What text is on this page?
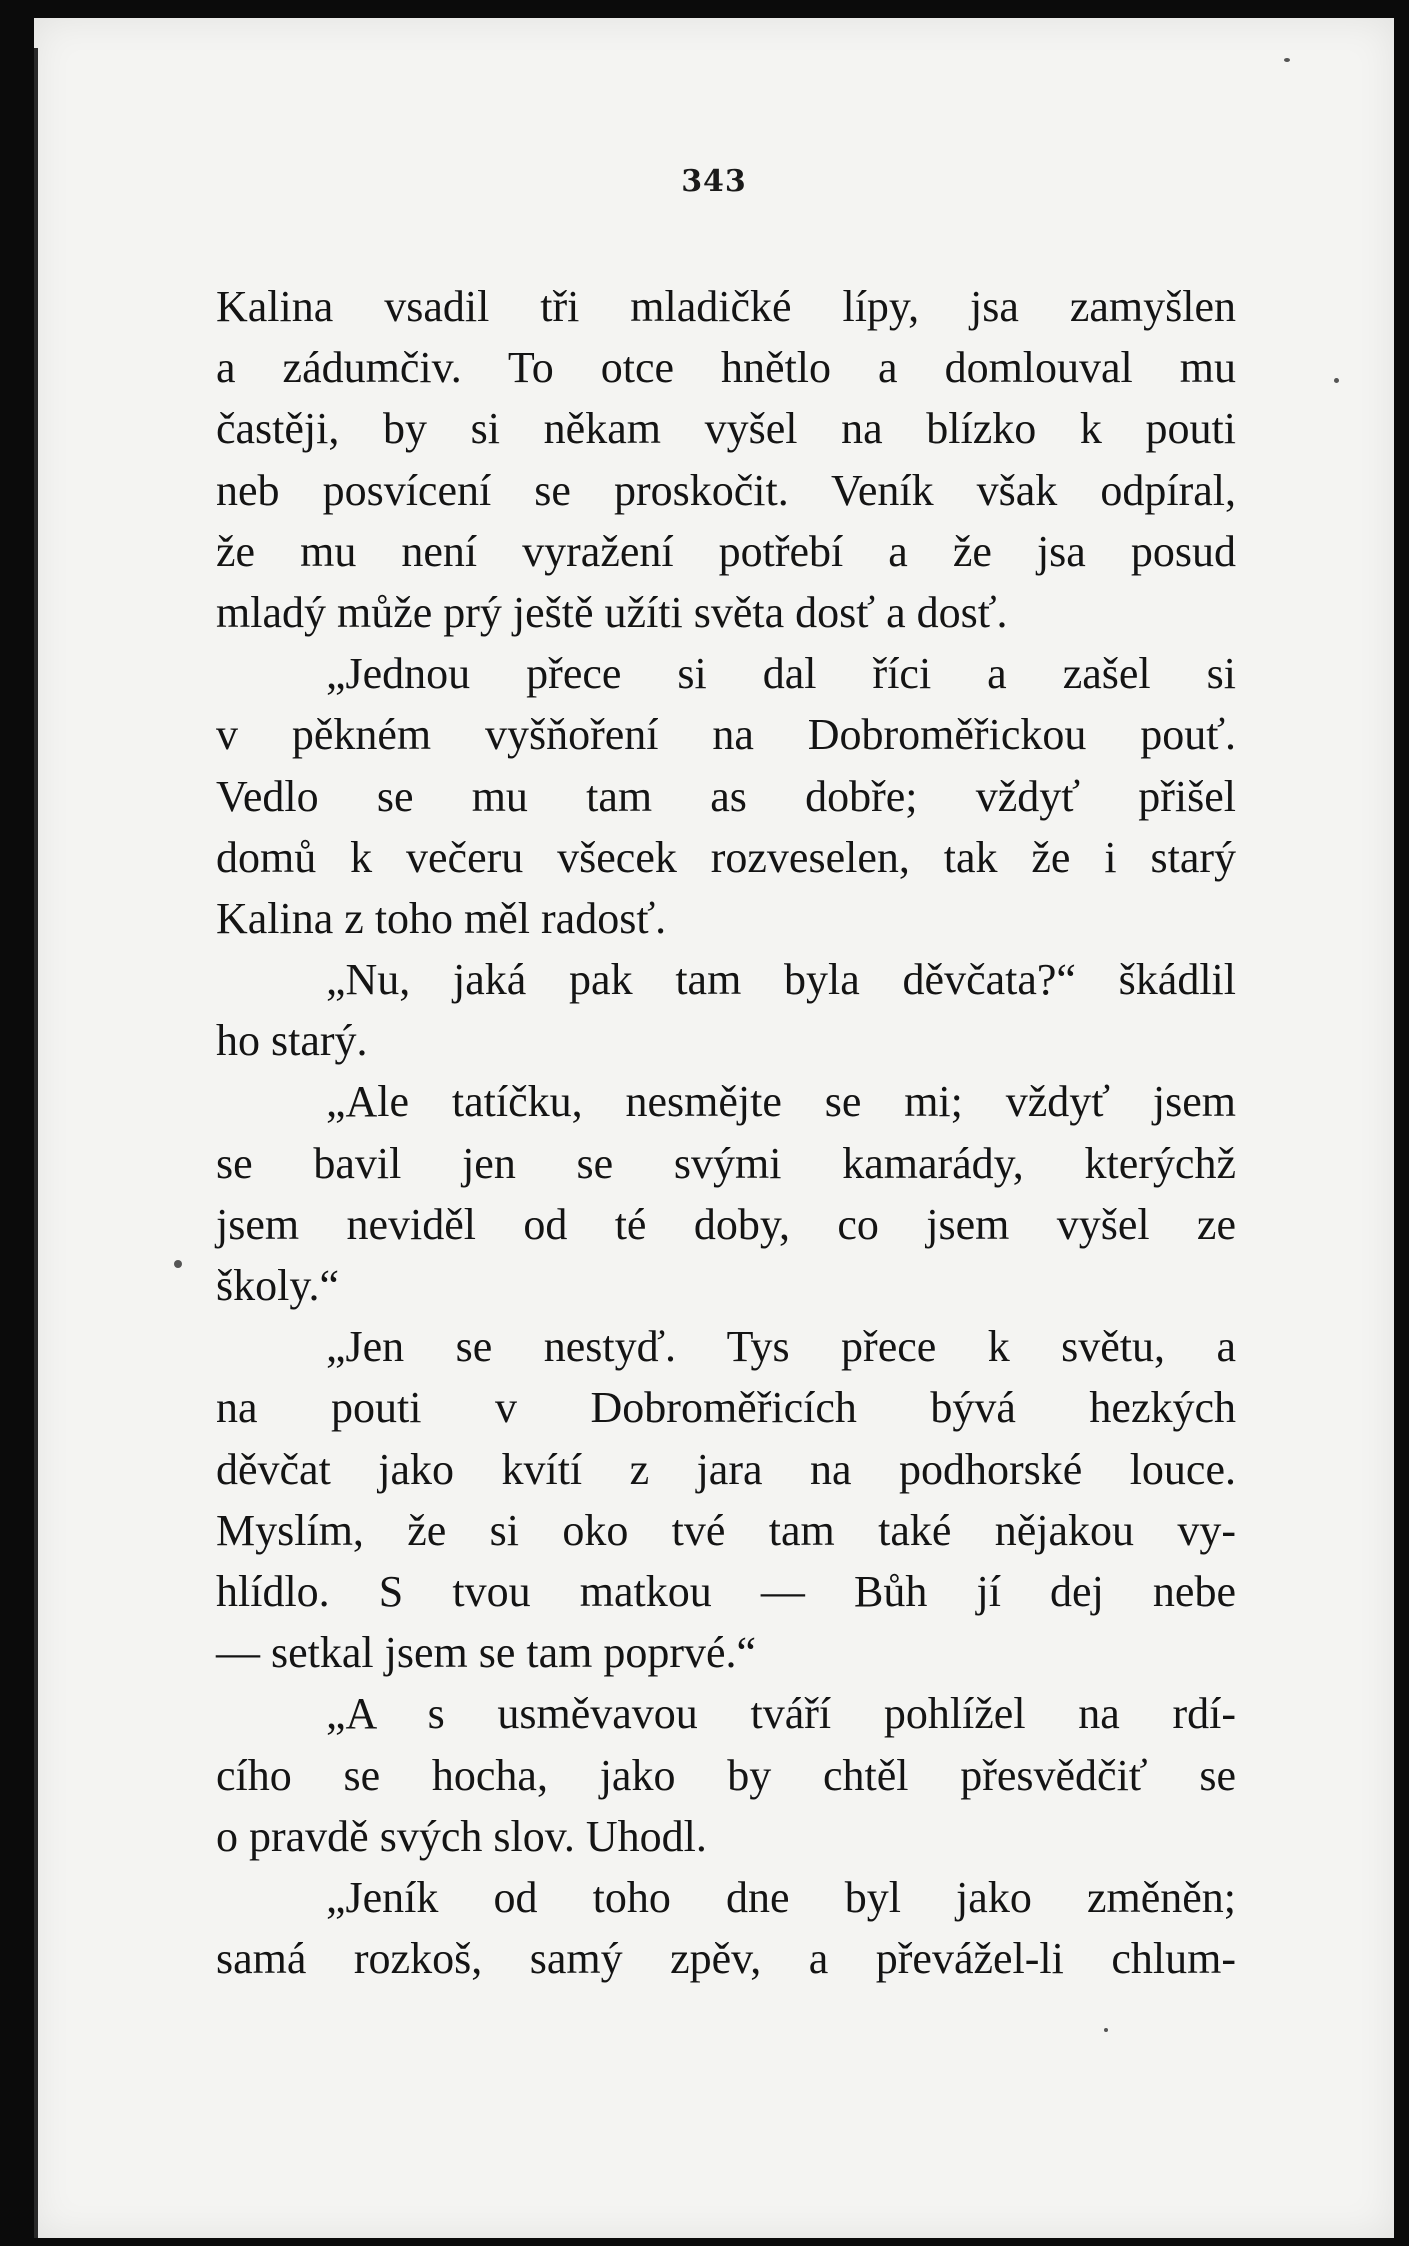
343
Kalina vsadil tři mladičké lípy, jsa zamyšlen
a zádumčiv. To otce hnětlo a domlouval mu
častěji, by si někam vyšel na blízko k pouti
neb posvícení se proskočit. Veník však odpíral,
že mu není vyražení potřebí a že jsa posud
mladý může prý ještě užíti světa dosť a dosť.
„Jednou přece si dal říci a zašel si
v pěkném vyšňoření na Dobroměřickou pouť.
Vedlo se mu tam as dobře; vždyť přišel
domů k večeru všecek rozveselen, tak že i starý
Kalina z toho měl radosť.
„Nu, jaká pak tam byla děvčata?“ škádlil
ho starý.
„Ale tatíčku, nesmějte se mi; vždyť jsem
se bavil jen se svými kamarády, kterýchž
jsem neviděl od té doby, co jsem vyšel ze
školy.“
„Jen se nestyď. Tys přece k světu, a
na pouti v Dobroměřicích bývá hezkých
děvčat jako kvítí z jara na podhorské louce.
Myslím, že si oko tvé tam také nějakou vy-
hlídlo. S tvou matkou — Bůh jí dej nebe
— setkal jsem se tam poprvé.“
„A s usměvavou tváří pohlížel na rdí-
cího se hocha, jako by chtěl přesvědčiť se
o pravdě svých slov. Uhodl.
„Jeník od toho dne byl jako změněn;
samá rozkoš, samý zpěv, a převážel-li chlum-
